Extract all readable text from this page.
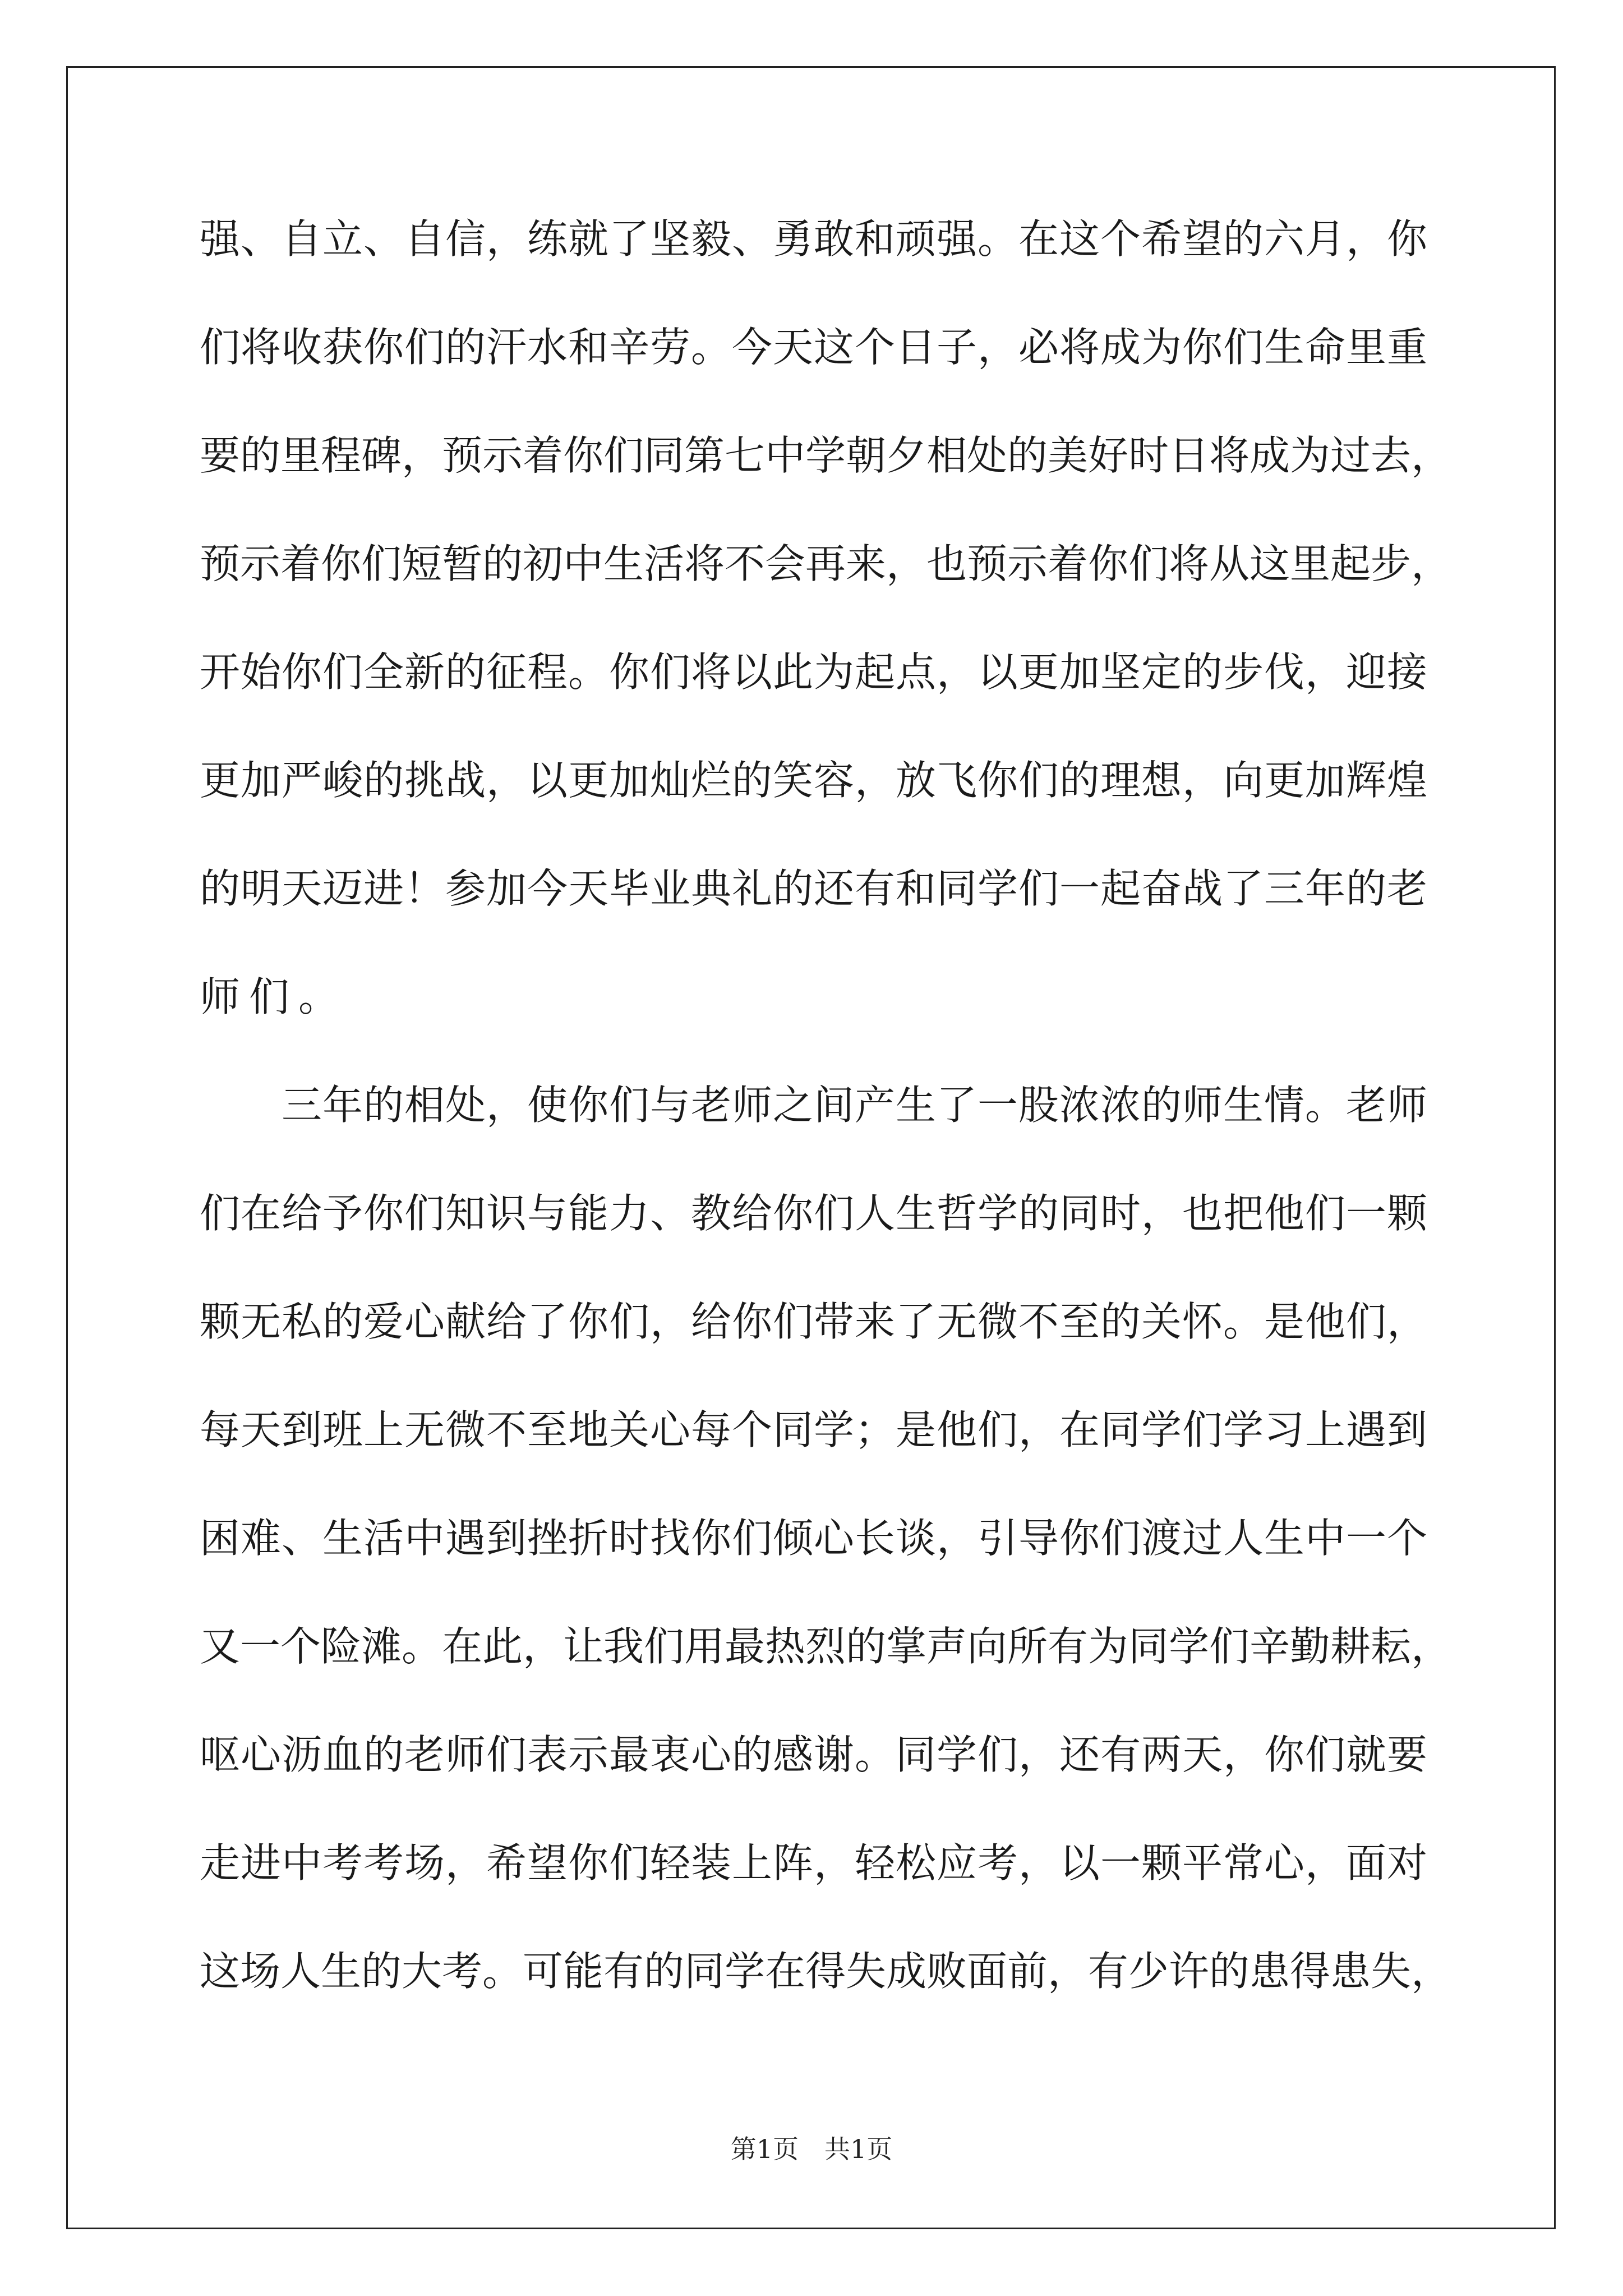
强、自立、自信，练就了坚毅、勇敢和顽强。在这个希望的六月，你
们将收获你们的汗水和辛劳。今天这个日子，必将成为你们生命里重
要的里程碑，预示着你们同第七中学朝夕相处的美好时日将成为过去，
预示着你们短暂的初中生活将不会再来，也预示着你们将从这里起步，
开始你们全新的征程。你们将以此为起点，以更加坚定的步伐，迎接
更加严峻的挑战，以更加灿烂的笑容，放飞你们的理想，向更加辉煌
的明天迈进！参加今天毕业典礼的还有和同学们一起奋战了三年的老
师们。
　　三年的相处，使你们与老师之间产生了一股浓浓的师生情。老师
们在给予你们知识与能力、教给你们人生哲学的同时，也把他们一颗
颗无私的爱心献给了你们，给你们带来了无微不至的关怀。是他们，
每天到班上无微不至地关心每个同学；是他们，在同学们学习上遇到
困难、生活中遇到挫折时找你们倾心长谈，引导你们渡过人生中一个
又一个险滩。在此，让我们用最热烈的掌声向所有为同学们辛勤耕耘，
呕心沥血的老师们表示最衷心的感谢。同学们，还有两天，你们就要
走进中考考场，希望你们轻装上阵，轻松应考，以一颗平常心，面对
这场人生的大考。可能有的同学在得失成败面前，有少许的患得患失，
第1页　共1页
